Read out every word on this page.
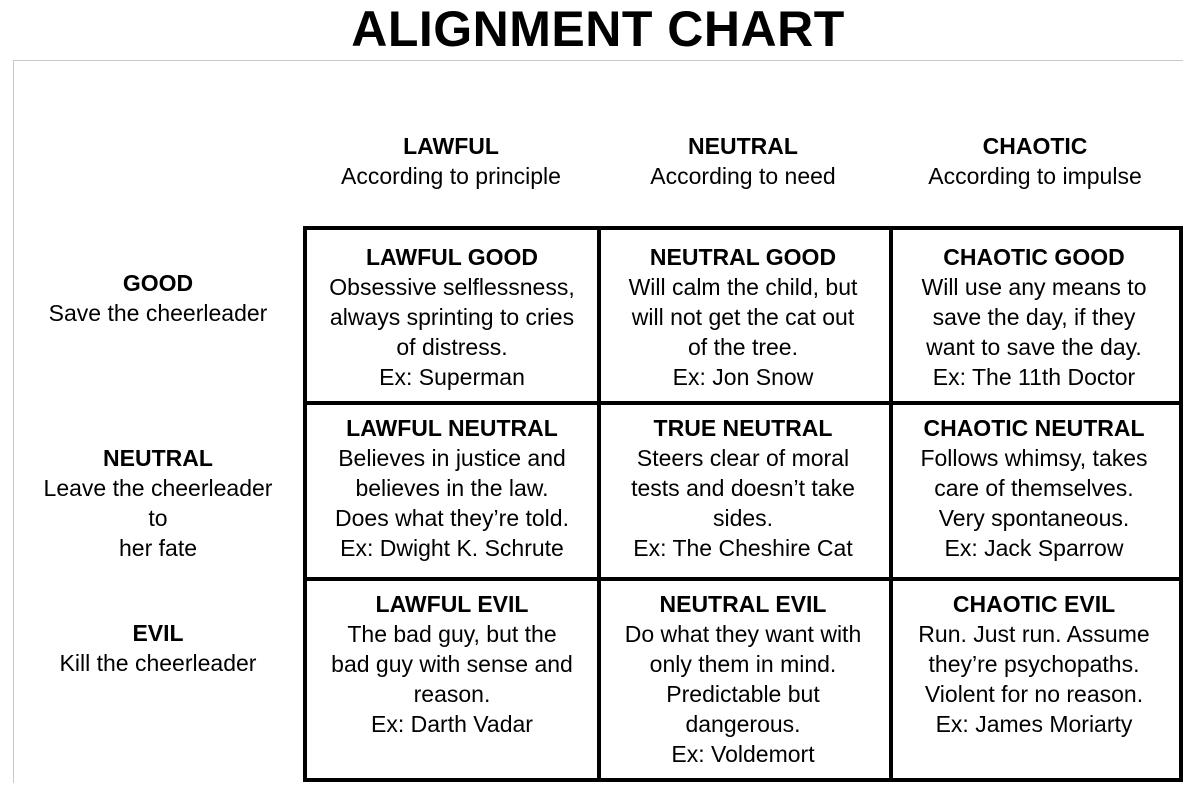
ALIGNMENT CHART
LAWFUL
According to principle
NEUTRAL
According to need
CHAOTIC
According to impulse
GOOD
Save the cheerleader
NEUTRAL
Leave the cheerleader
to
her fate
EVIL
Kill the cheerleader
LAWFUL GOOD
Obsessive selflessness,
always sprinting to cries
of distress.
Ex: Superman
NEUTRAL GOOD
Will calm the child, but
will not get the cat out
of the tree.
Ex: Jon Snow
CHAOTIC GOOD
Will use any means to
save the day, if they
want to save the day.
Ex: The 11th Doctor
LAWFUL NEUTRAL
Believes in justice and
believes in the law.
Does what they’re told.
Ex: Dwight K. Schrute
TRUE NEUTRAL
Steers clear of moral
tests and doesn’t take
sides.
Ex: The Cheshire Cat
CHAOTIC NEUTRAL
Follows whimsy, takes
care of themselves.
Very spontaneous.
Ex: Jack Sparrow
LAWFUL EVIL
The bad guy, but the
bad guy with sense and
reason.
Ex: Darth Vadar
NEUTRAL EVIL
Do what they want with
only them in mind.
Predictable but
dangerous.
Ex: Voldemort
CHAOTIC EVIL
Run. Just run. Assume
they’re psychopaths.
Violent for no reason.
Ex: James Moriarty
